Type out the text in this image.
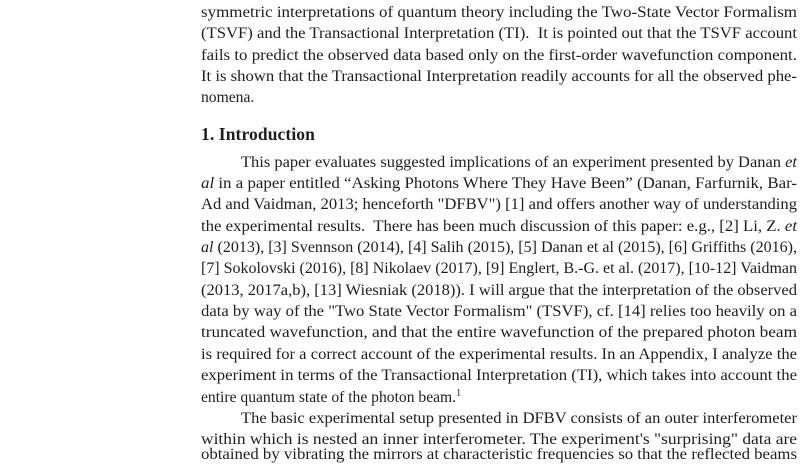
symmetric interpretations of quantum theory including the Two-State Vector Formalism
(TSVF) and the Transactional Interpretation (TI).  It is pointed out that the TSVF account
fails to predict the observed data based only on the first-order wavefunction component.
It is shown that the Transactional Interpretation readily accounts for all the observed phe-
nomena.
1. Introduction
This paper evaluates suggested implications of an experiment presented by Danan et
al in a paper entitled “Asking Photons Where They Have Been” (Danan, Farfurnik, Bar-
Ad and Vaidman, 2013; henceforth "DFBV") [1] and offers another way of understanding
the experimental results.  There has been much discussion of this paper: e.g., [2] Li, Z. et
al (2013), [3] Svennson (2014), [4] Salih (2015), [5] Danan et al (2015), [6] Griffiths (2016),
[7] Sokolovski (2016), [8] Nikolaev (2017), [9] Englert, B.-G. et al. (2017), [10-12] Vaidman
(2013, 2017a,b), [13] Wiesniak (2018)). I will argue that the interpretation of the observed
data by way of the "Two State Vector Formalism" (TSVF), cf. [14] relies too heavily on a
truncated wavefunction, and that the entire wavefunction of the prepared photon beam
is required for a correct account of the experimental results. In an Appendix, I analyze the
experiment in terms of the Transactional Interpretation (TI), which takes into account the
entire quantum state of the photon beam.$^1$
The basic experimental setup presented in DFBV consists of an outer interferometer
within which is nested an inner interferometer. The experiment's "surprising" data are
obtained by vibrating the mirrors at characteristic frequencies so that the reflected beams
